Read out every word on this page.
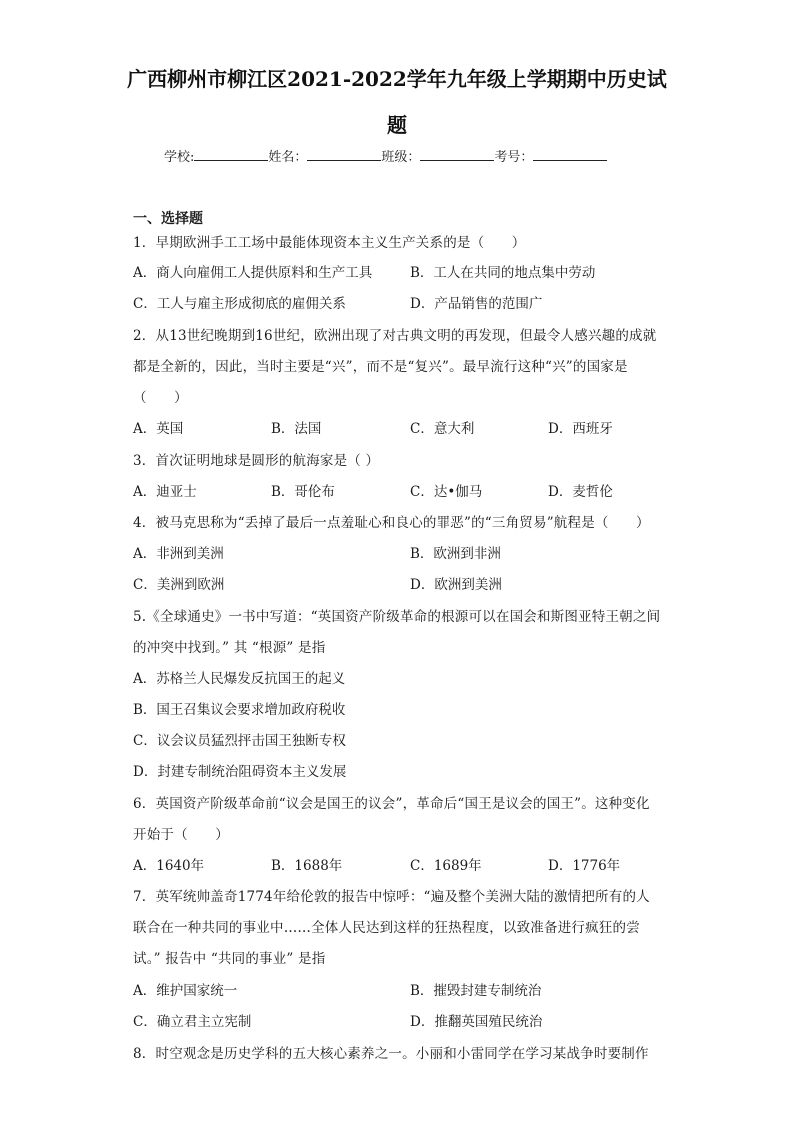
广西柳州市柳江区2021-2022学年九年级上学期期中历史试
题
学校:	姓名：	班级：	考号：
一、选择题
1．早期欧洲手工工场中最能体现资本主义生产关系的是（　　）
A．商人向雇佣工人提供原料和生产工具	B．工人在共同的地点集中劳动
C．工人与雇主形成彻底的雇佣关系	D．产品销售的范围广
2．从13世纪晚期到16世纪，欧洲出现了对古典文明的再发现，但最令人感兴趣的成就都是全新的，因此，当时主要是“兴”，而不是“复兴”。最早流行这种“兴”的国家是（　　）
A．英国	B．法国	C．意大利	D．西班牙
3．首次证明地球是圆形的航海家是（ ）
A．迪亚士	B．哥伦布	C．达•伽马	D．麦哲伦
4．被马克思称为“丢掉了最后一点羞耻心和良心的罪恶”的“三角贸易”航程是（　　）
A．非洲到美洲	B．欧洲到非洲
C．美洲到欧洲	D．欧洲到美洲
5.《全球通史》一书中写道：“英国资产阶级革命的根源可以在国会和斯图亚特王朝之间的冲突中找到。” 其 “根源” 是指
A．苏格兰人民爆发反抗国王的起义
B．国王召集议会要求增加政府税收
C．议会议员猛烈抨击国王独断专权
D．封建专制统治阻碍资本主义发展
6．英国资产阶级革命前“议会是国王的议会”，革命后“国王是议会的国王”。这种变化开始于（　　）
A．1640年	B．1688年	C．1689年	D．1776年
7．英军统帅盖奇1774年给伦敦的报告中惊呼：“遍及整个美洲大陆的激情把所有的人联合在一种共同的事业中……全体人民达到这样的狂热程度，以致准备进行疯狂的尝试。” 报告中 “共同的事业” 是指
A．维护国家统一	B．摧毁封建专制统治
C．确立君主立宪制	D．推翻英国殖民统治
8．时空观念是历史学科的五大核心素养之一。小丽和小雷同学在学习某战争时要制作
